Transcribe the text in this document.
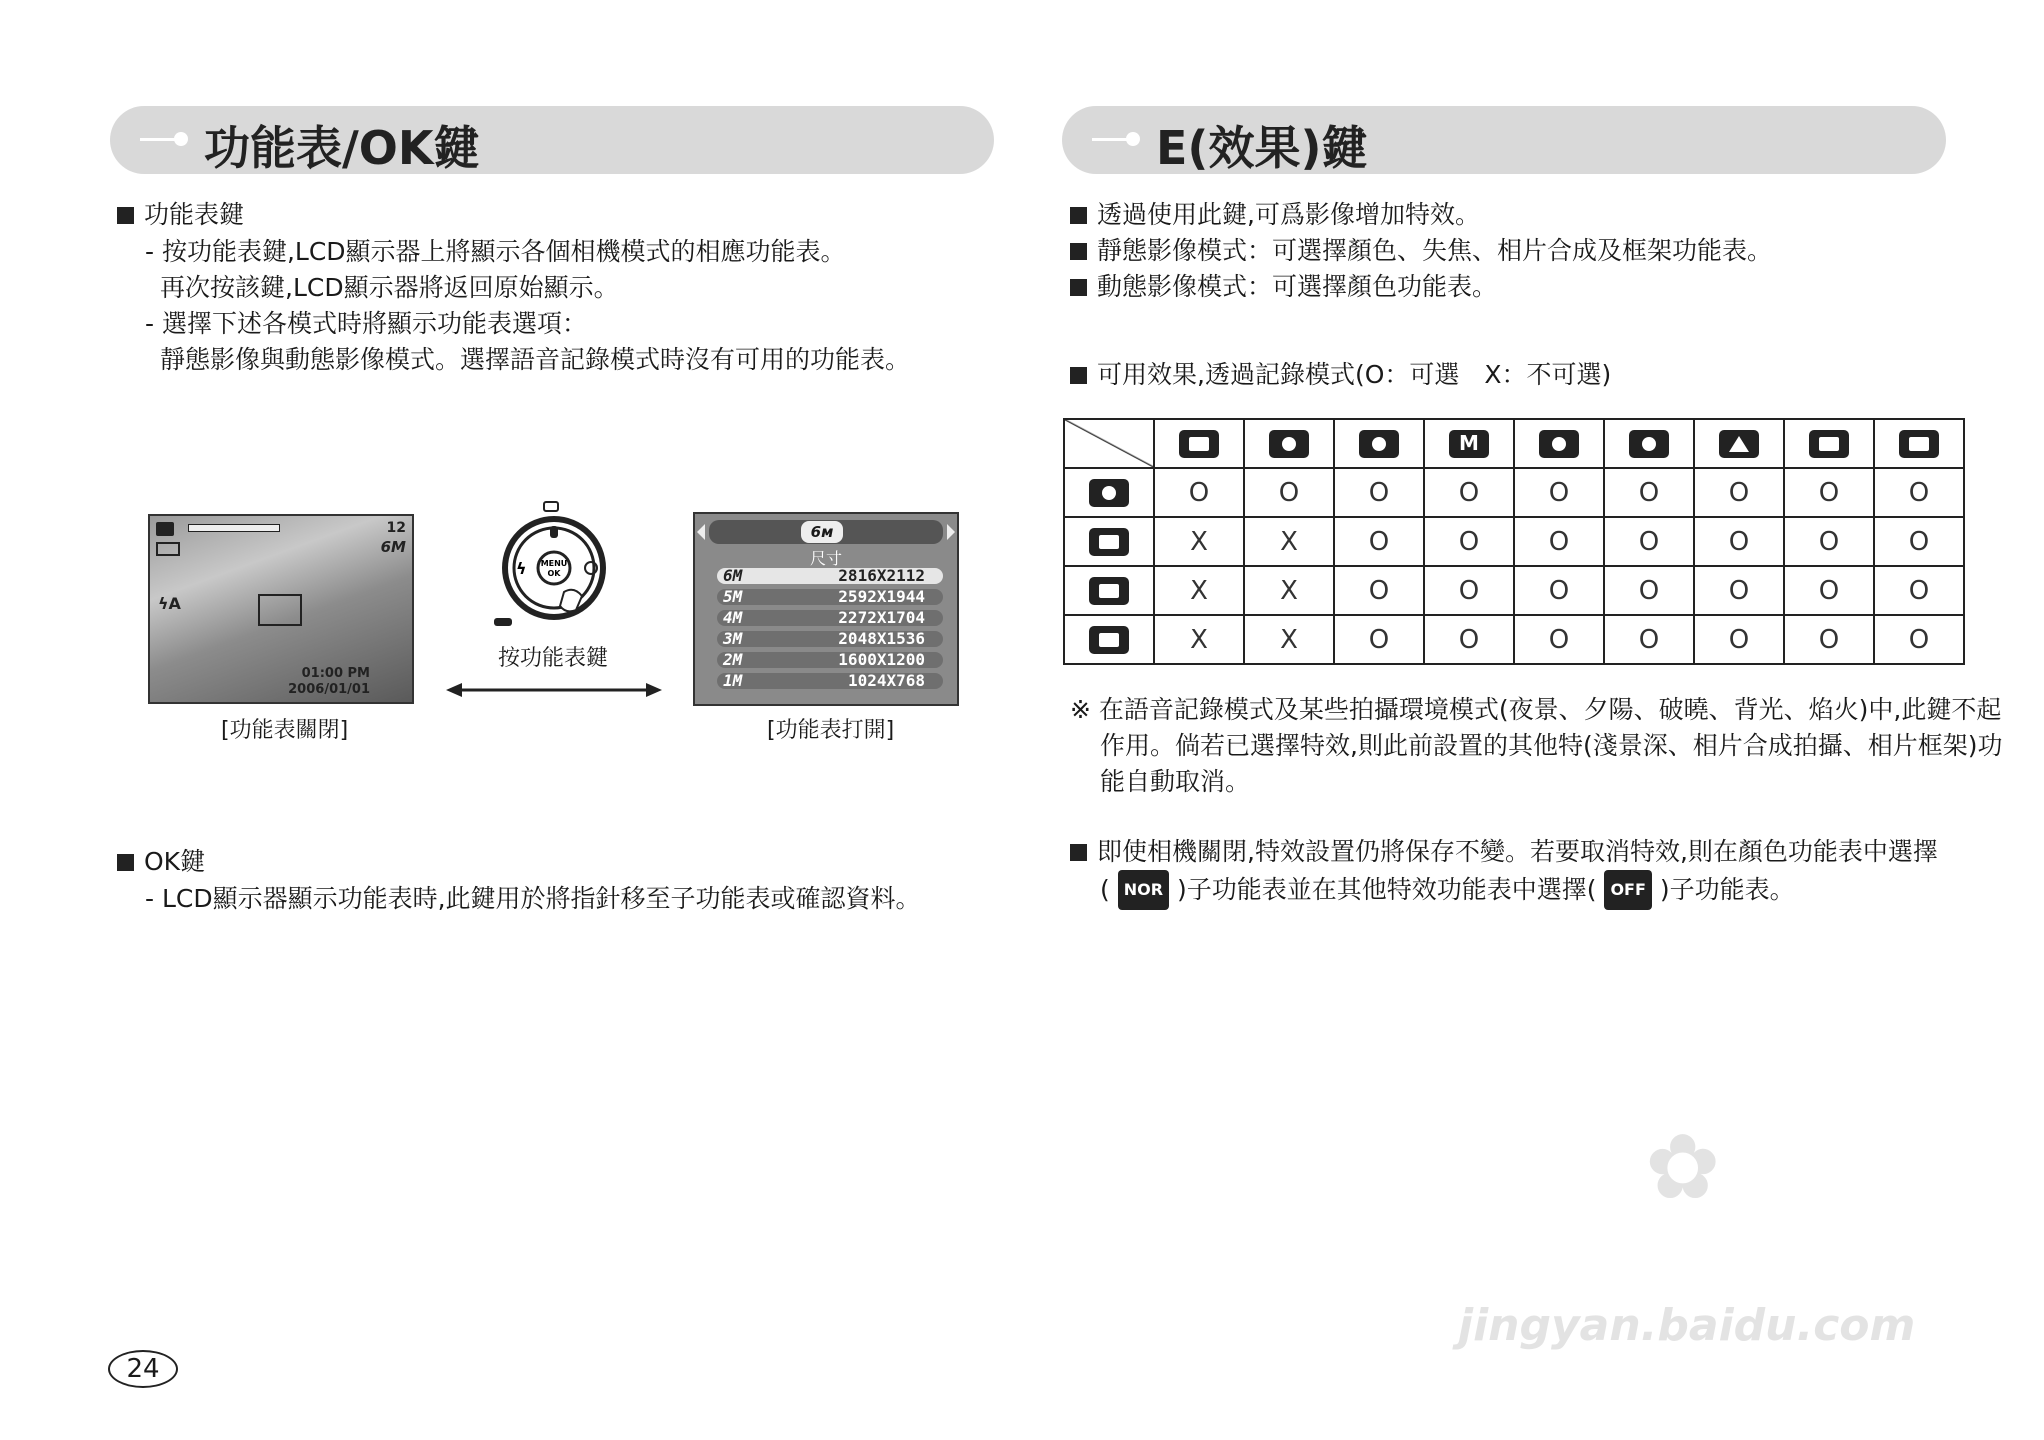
功能表/OK鍵	E(效果)鍵
功能表鍵
- 按功能表鍵,LCD顯示器上將顯示各個相機模式的相應功能表。
再次按該鍵,LCD顯示器將返回原始顯示。
- 選擇下述各模式時將顯示功能表選項：
靜態影像與動態影像模式。選擇語音記錄模式時沒有可用的功能表。
ϟA
12
6M
01:00 PM
2006/01/01
[功能表關閉]
MENU
OK
ϟ
按功能表鍵
6ᴍ
尺寸
6M	2816X2112
5M	2592X1944
4M	2272X1704
3M	2048X1536
2M	1600X1200
1M	1024X768
[功能表打開]
OK鍵
- LCD顯示器顯示功能表時,此鍵用於將指針移至子功能表或確認資料。
24
透過使用此鍵,可爲影像增加特效。
靜態影像模式：可選擇顏色、失焦、相片合成及框架功能表。
動態影像模式：可選擇顏色功能表。
可用效果,透過記錄模式(O：可選　X：不可選)
				M					
	O	O	O	O	O	O	O	O	O
	X	X	O	O	O	O	O	O	O
	X	X	O	O	O	O	O	O	O
	X	X	O	O	O	O	O	O	O
※ 在語音記錄模式及某些拍攝環境模式(夜景、夕陽、破曉、背光、焰火)中,此鍵不起
作用。倘若已選擇特效,則此前設置的其他特(淺景深、相片合成拍攝、相片框架)功
能自動取消。
即使相機關閉,特效設置仍將保存不變。若要取消特效,則在顏色功能表中選擇
( NOR )子功能表並在其他特效功能表中選擇( OFF )子功能表。
✿
jingyan.baidu.com
